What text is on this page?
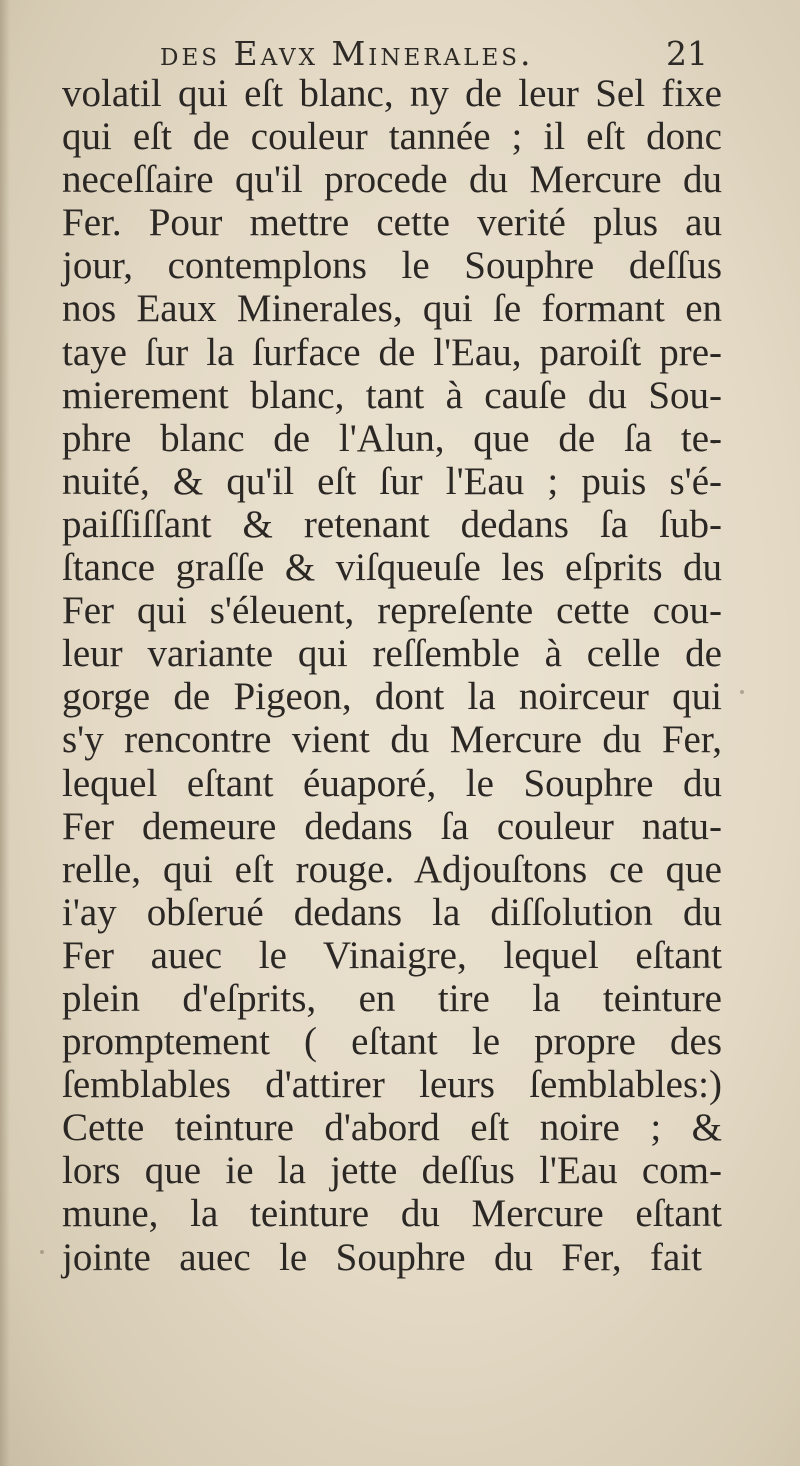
des Eavx Minerales.	21
volatil qui eſt blanc, ny de leur Sel fixe
qui eſt de couleur tannée ; il eſt donc
neceſſaire qu'il procede du Mercure du
Fer. Pour mettre cette verité plus au
jour, contemplons le Souphre deſſus
nos Eaux Minerales, qui ſe formant en
taye ſur la ſurface de l'Eau, paroiſt pre-
mierement blanc, tant à cauſe du Sou-
phre blanc de l'Alun, que de ſa te-
nuité, & qu'il eſt ſur l'Eau ; puis s'é-
paiſſiſſant & retenant dedans ſa ſub-
ſtance graſſe & viſqueuſe les eſprits du
Fer qui s'éleuent, repreſente cette cou-
leur variante qui reſſemble à celle de
gorge de Pigeon, dont la noirceur qui
s'y rencontre vient du Mercure du Fer,
lequel eſtant éuaporé, le Souphre du
Fer demeure dedans ſa couleur natu-
relle, qui eſt rouge. Adjouſtons ce que
i'ay obſerué dedans la diſſolution du
Fer auec le Vinaigre, lequel eſtant
plein d'eſprits, en tire la teinture
promptement ( eſtant le propre des
ſemblables d'attirer leurs ſemblables:)
Cette teinture d'abord eſt noire ; &
lors que ie la jette deſſus l'Eau com-
mune, la teinture du Mercure eſtant
jointe auec le Souphre du Fer, fait
